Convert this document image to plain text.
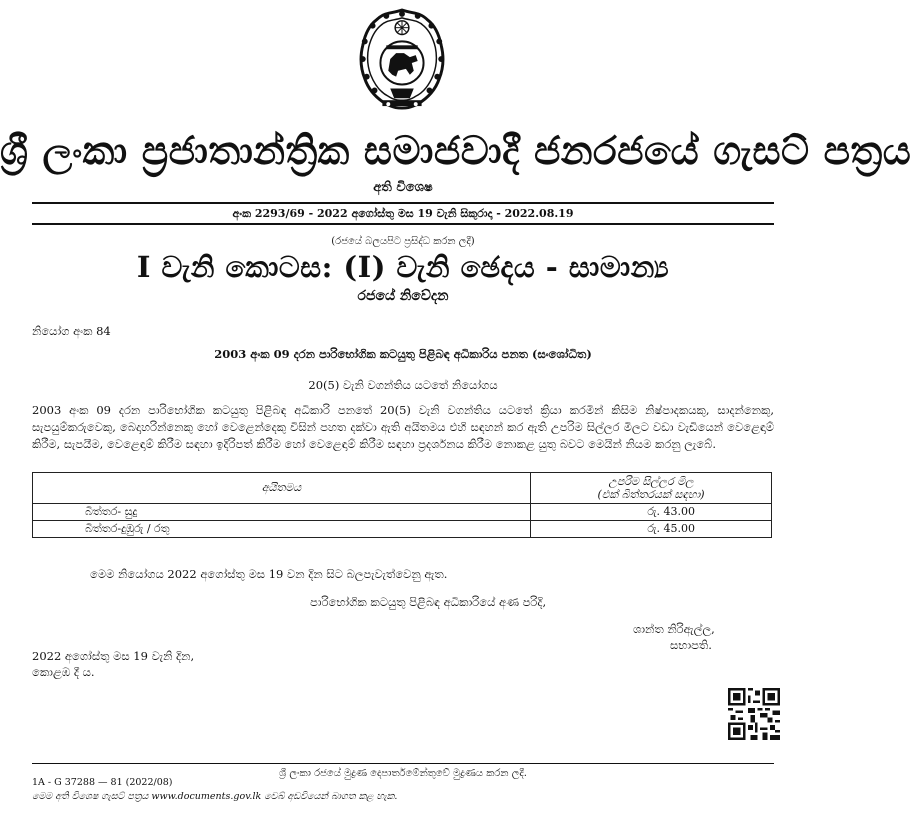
ශ්‍රී ලංකා ප්‍රජාතාන්ත්‍රික සමාජවාදී ජනරජයේ ගැසට් පත්‍රය
අති විශෙෂ
අංක 2293/69 - 2022 අගෝස්තු මස 19 වැනි සිකුරාදා - 2022.08.19
(රජයේ බලයපිට ප්‍රසිද්ධ කරන ලදී)
I වැනි කොටස: (I) වැනි ඡෙදය - සාමාන්‍ය
රජයේ නිවේදන
නියෝග අංක 84
2003 අංක 09 දරන පාරිභෝගික කටයුතු පිළිබඳ අධිකාරිය පනත (සංශෝධිත)
20(5) වැනි වගන්තිය යටතේ නියෝගය
2003 අංක 09 දරන පාරිභෝගික කටයුතු පිළිබඳ අධිකාරි පනතේ 20(5) වැනි වගන්තිය යටතේ ක්‍රියා කරමින් කිසිම නිෂ්පාදකයකු, සාදන්නෙකු, සැපයුම්කරුවෙකු, බෙදාහරින්නෙකු හෝ වෙළෙන්දෙකු විසින් පහත දක්වා ඇති අයිතමය එහි සඳහන් කර ඇති උපරිම සිල්ලර මිලට වඩා වැඩියෙන් වෙළෙඳාම් කිරීම, සැපයීම, වෙළෙඳාම් කිරීම සඳහා ඉදිරිපත් කිරීම හෝ වෙළෙඳාම් කිරීම සඳහා ප්‍රදර්ශනය කිරීම නොකළ යුතු බවට මෙයින් නියම කරනු ලැබේ.
අයිතමය	උපරිම සිල්ලර මිල
(එක් බිත්තරයක් සඳහා)

බිත්තර- සුදු	රු. 43.00
බිත්තර-දුඹුරු / රතු	රු. 45.00
මෙම නියෝගය 2022 අගෝස්තු මස 19 වන දින සිට බලපැවැත්වෙනු ඇත.
පාරිභෝගික කටයුතු පිළිබඳ අධිකාරියේ අණ පරිදි,
ශාන්ත නිරිඇල්ල,
සභාපති.
2022 අගෝස්තු මස 19 වැනි දින,
කොළඹ දී ය.
ශ්‍රී ලංකා රජයේ මුද්‍රණ දෙපාර්තමේන්තුවේ මුද්‍රණය කරන ලදී.
1A - G 37288 — 81 (2022/08)
මෙම අති විශෙෂ ගැසට් පත්‍රය www.documents.gov.lk වෙබ් අඩවියෙන් බාගත කළ හැක.
